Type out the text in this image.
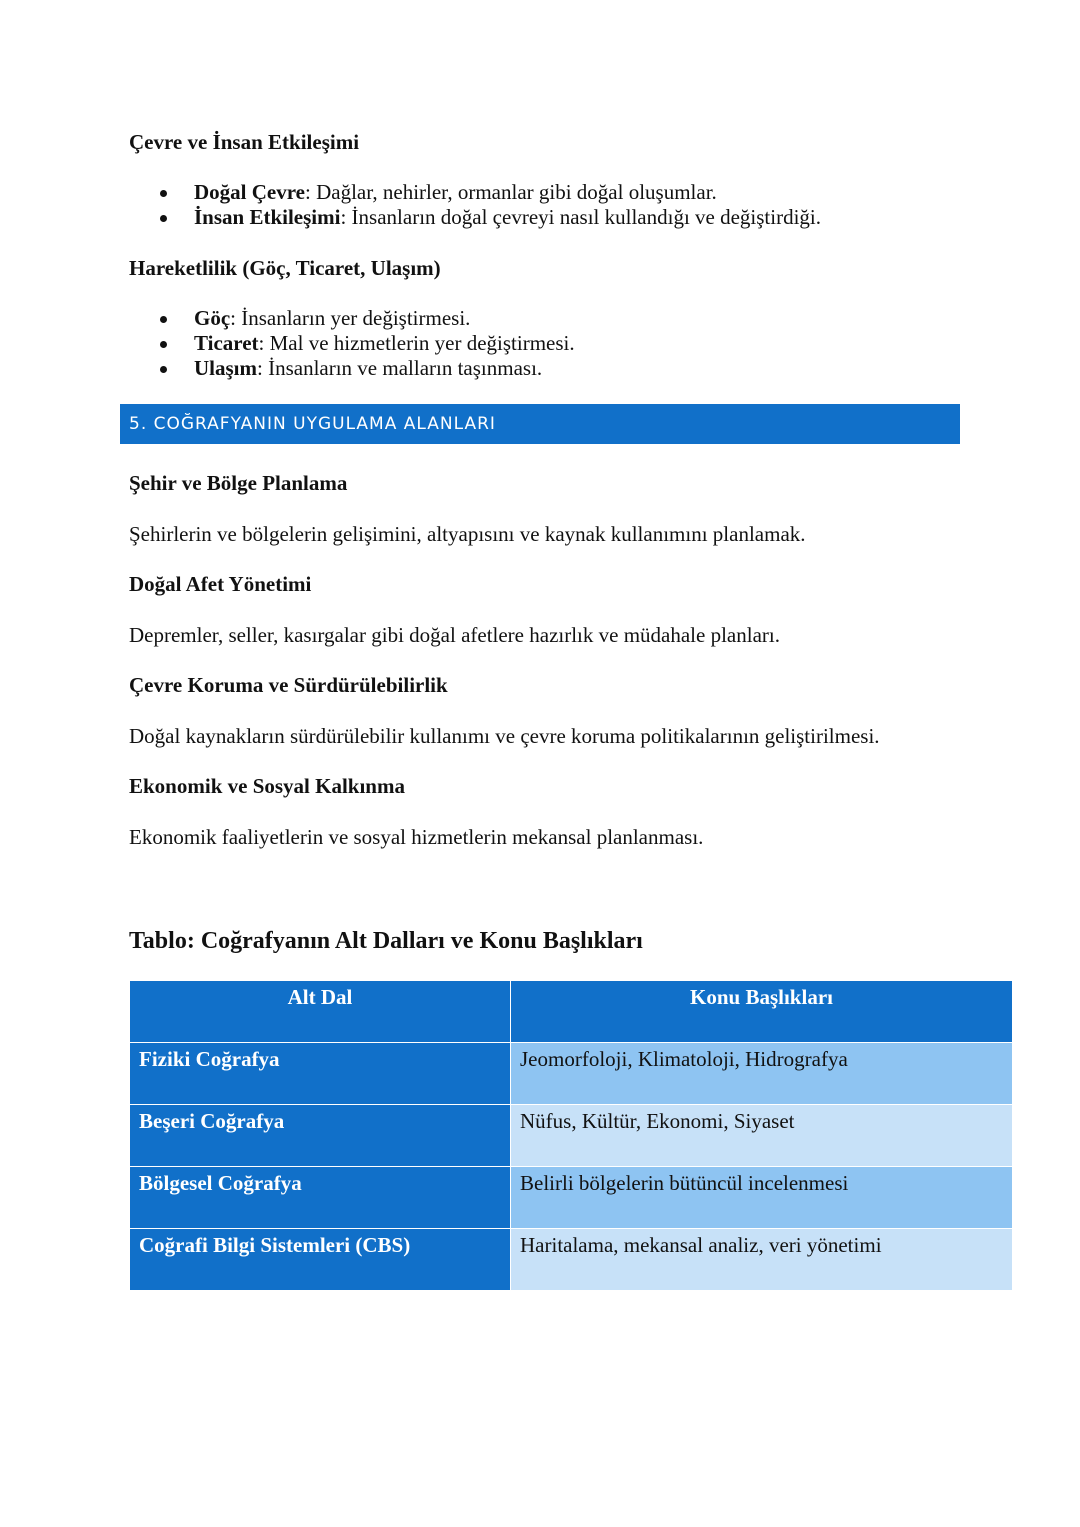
Çevre ve İnsan Etkileşimi
Doğal Çevre: Dağlar, nehirler, ormanlar gibi doğal oluşumlar.
İnsan Etkileşimi: İnsanların doğal çevreyi nasıl kullandığı ve değiştirdiği.
Hareketlilik (Göç, Ticaret, Ulaşım)
Göç: İnsanların yer değiştirmesi.
Ticaret: Mal ve hizmetlerin yer değiştirmesi.
Ulaşım: İnsanların ve malların taşınması.
5. COĞRAFYANIN UYGULAMA ALANLARI
Şehir ve Bölge Planlama
Şehirlerin ve bölgelerin gelişimini, altyapısını ve kaynak kullanımını planlamak.
Doğal Afet Yönetimi
Depremler, seller, kasırgalar gibi doğal afetlere hazırlık ve müdahale planları.
Çevre Koruma ve Sürdürülebilirlik
Doğal kaynakların sürdürülebilir kullanımı ve çevre koruma politikalarının geliştirilmesi.
Ekonomik ve Sosyal Kalkınma
Ekonomik faaliyetlerin ve sosyal hizmetlerin mekansal planlanması.
Tablo: Coğrafyanın Alt Dalları ve Konu Başlıkları
Alt Dal	Konu Başlıkları
Fiziki Coğrafya	Jeomorfoloji, Klimatoloji, Hidrografya
Beşeri Coğrafya	Nüfus, Kültür, Ekonomi, Siyaset
Bölgesel Coğrafya	Belirli bölgelerin bütüncül incelenmesi
Coğrafi Bilgi Sistemleri (CBS)	Haritalama, mekansal analiz, veri yönetimi
